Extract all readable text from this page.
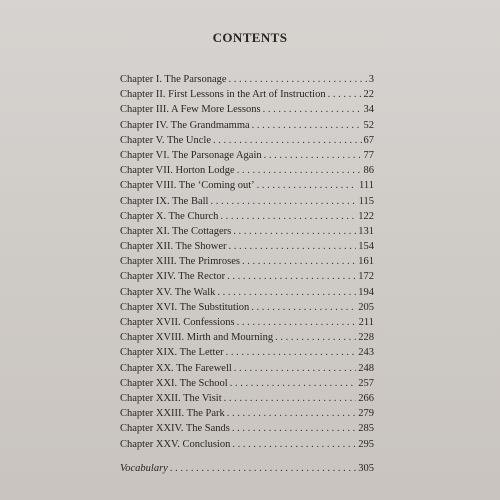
CONTENTS
Chapter I. The Parsonage . . .	3
Chapter II. First Lessons in the Art of Instruction . . .	22
Chapter III. A Few More Lessons . . .	34
Chapter IV. The Grandmamma . . .	52
Chapter V. The Uncle . . .	67
Chapter VI. The Parsonage Again . . .	77
Chapter VII. Horton Lodge . . .	86
Chapter VIII. The ‘Coming out’ . . .	111
Chapter IX. The Ball . . .	115
Chapter X. The Church . . .	122
Chapter XI. The Cottagers . . .	131
Chapter XII. The Shower . . .	154
Chapter XIII. The Primroses . . .	161
Chapter XIV. The Rector . . .	172
Chapter XV. The Walk . . .	194
Chapter XVI. The Substitution . . .	205
Chapter XVII. Confessions . . .	211
Chapter XVIII. Mirth and Mourning . . .	228
Chapter XIX. The Letter . . .	243
Chapter XX. The Farewell . . .	248
Chapter XXI. The School . . .	257
Chapter XXII. The Visit . . .	266
Chapter XXIII. The Park . . .	279
Chapter XXIV. The Sands . . .	285
Chapter XXV. Conclusion . . .	295
Vocabulary . . .	305
